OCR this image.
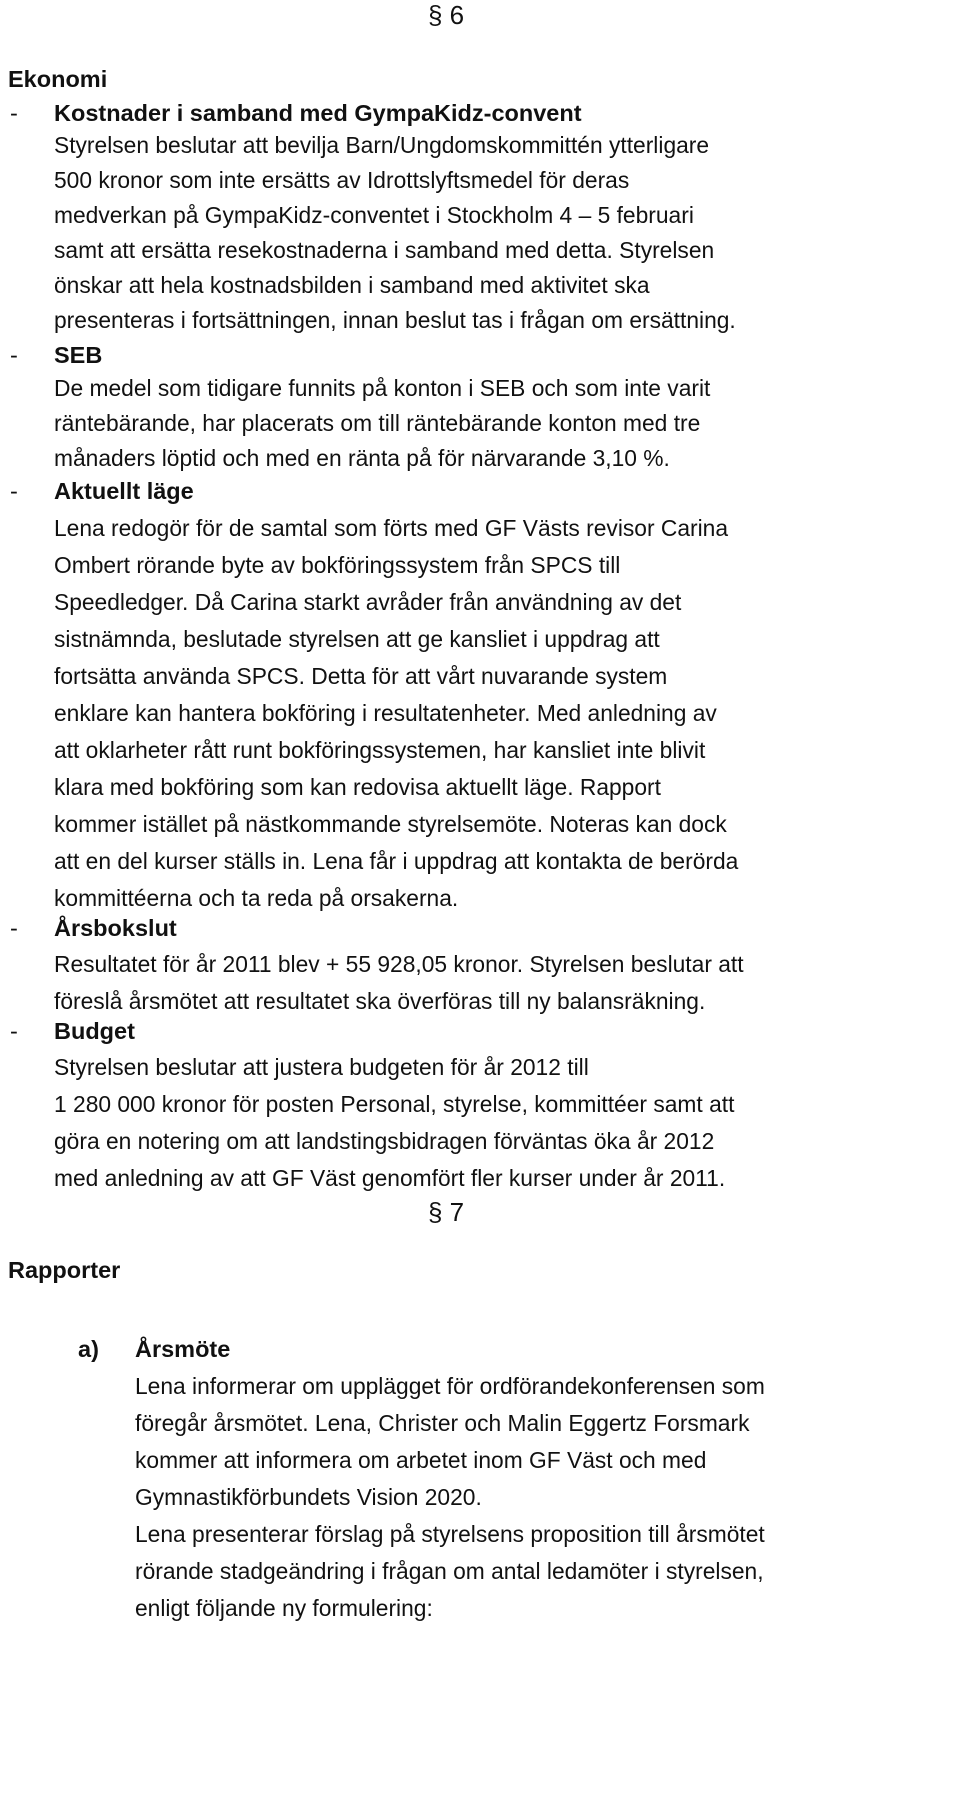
§ 6
Ekonomi
- Kostnader i samband med GympaKidz-convent
Styrelsen beslutar att bevilja Barn/Ungdomskommittén ytterligare
500 kronor som inte ersätts av Idrottslyftsmedel för deras
medverkan på GympaKidz-conventet i Stockholm 4 – 5 februari
samt att ersätta resekostnaderna i samband med detta. Styrelsen
önskar att hela kostnadsbilden i samband med aktivitet ska
presenteras i fortsättningen, innan beslut tas i frågan om ersättning.
- SEB
De medel som tidigare funnits på konton i SEB och som inte varit
räntebärande, har placerats om till räntebärande konton med tre
månaders löptid och med en ränta på för närvarande 3,10 %.
- Aktuellt läge
Lena redogör för de samtal som förts med GF Västs revisor Carina
Ombert rörande byte av bokföringssystem från SPCS till
Speedledger. Då Carina starkt avråder från användning av det
sistnämnda, beslutade styrelsen att ge kansliet i uppdrag att
fortsätta använda SPCS. Detta för att vårt nuvarande system
enklare kan hantera bokföring i resultatenheter. Med anledning av
att oklarheter rått runt bokföringssystemen, har kansliet inte blivit
klara med bokföring som kan redovisa aktuellt läge. Rapport
kommer istället på nästkommande styrelsemöte. Noteras kan dock
att en del kurser ställs in. Lena får i uppdrag att kontakta de berörda
kommittéerna och ta reda på orsakerna.
- Årsbokslut
Resultatet för år 2011 blev + 55 928,05 kronor. Styrelsen beslutar att
föreslå årsmötet att resultatet ska överföras till ny balansräkning.
- Budget
Styrelsen beslutar att justera budgeten för år 2012 till
1 280 000 kronor för posten Personal, styrelse, kommittéer samt att
göra en notering om att landstingsbidragen förväntas öka år 2012
med anledning av att GF Väst genomfört fler kurser under år 2011.
§ 7
Rapporter
a) Årsmöte
Lena informerar om upplägget för ordförandekonferensen som
föregår årsmötet. Lena, Christer och Malin Eggertz Forsmark
kommer att informera om arbetet inom GF Väst och med
Gymnastikförbundets Vision 2020.
Lena presenterar förslag på styrelsens proposition till årsmötet
rörande stadgeändring i frågan om antal ledamöter i styrelsen,
enligt följande ny formulering:
